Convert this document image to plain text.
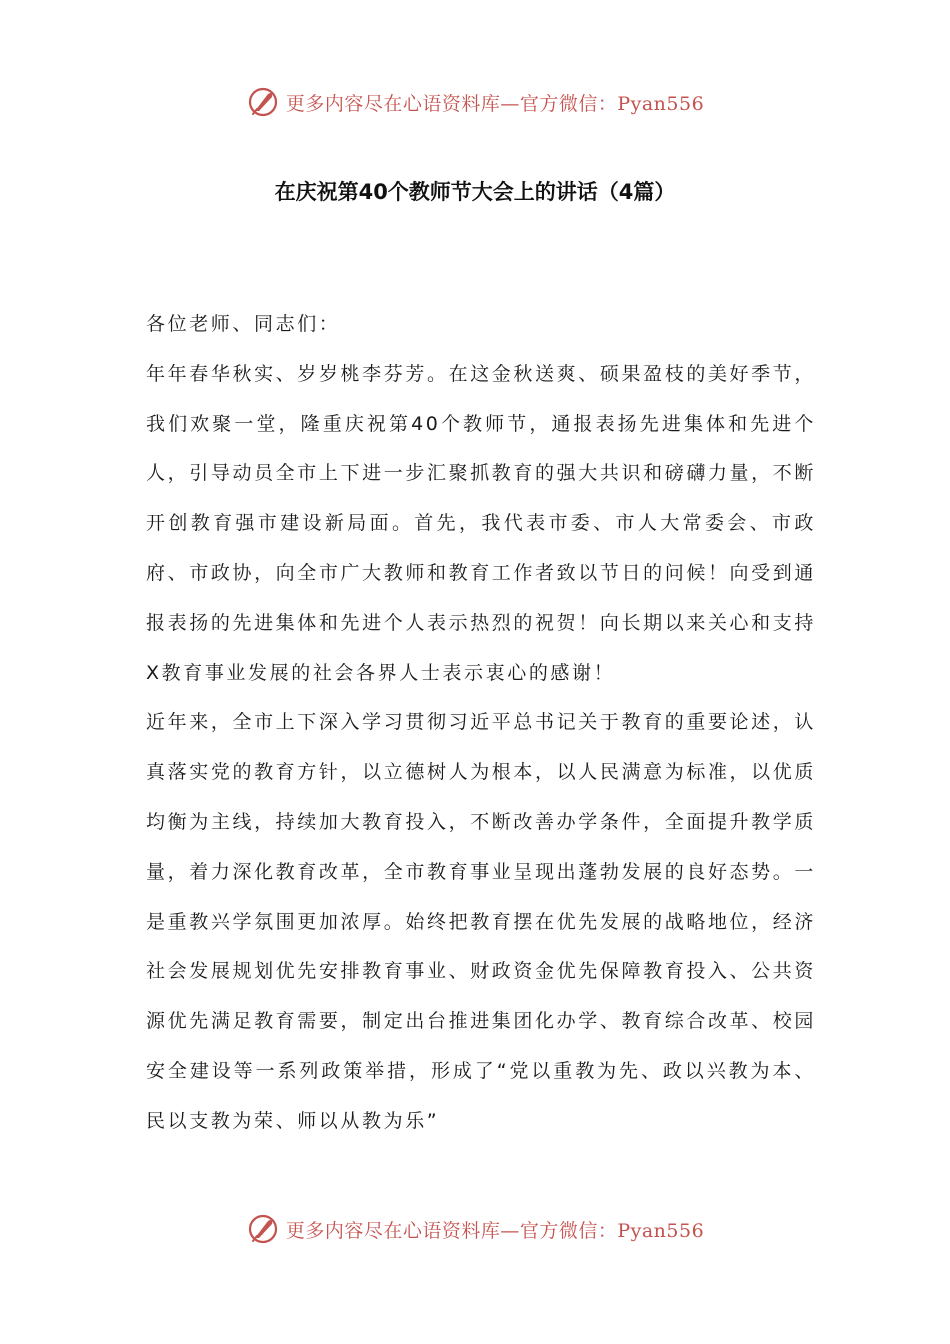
更多内容尽在心语资料库—官方微信：Pyan556
在庆祝第40个教师节大会上的讲话（4篇）

各位老师、同志们：

年年春华秋实、岁岁桃李芬芳。在这金秋送爽、硕果盈枝的美好季节，我们欢聚一堂，隆重庆祝第40个教师节，通报表扬先进集体和先进个人，引导动员全市上下进一步汇聚抓教育的强大共识和磅礴力量，不断开创教育强市建设新局面。首先，我代表市委、市人大常委会、市政府、市政协，向全市广大教师和教育工作者致以节日的问候！向受到通报表扬的先进集体和先进个人表示热烈的祝贺！向长期以来关心和支持X教育事业发展的社会各界人士表示衷心的感谢！

近年来，全市上下深入学习贯彻习近平总书记关于教育的重要论述，认真落实党的教育方针，以立德树人为根本，以人民满意为标准，以优质均衡为主线，持续加大教育投入，不断改善办学条件，全面提升教学质量，着力深化教育改革，全市教育事业呈现出蓬勃发展的良好态势。一是重教兴学氛围更加浓厚。始终把教育摆在优先发展的战略地位，经济社会发展规划优先安排教育事业、财政资金优先保障教育投入、公共资源优先满足教育需要，制定出台推进集团化办学、教育综合改革、校园安全建设等一系列政策举措，形成了“党以重教为先、政以兴教为本、民以支教为荣、师以从教为乐”

更多内容尽在心语资料库—官方微信：Pyan556
